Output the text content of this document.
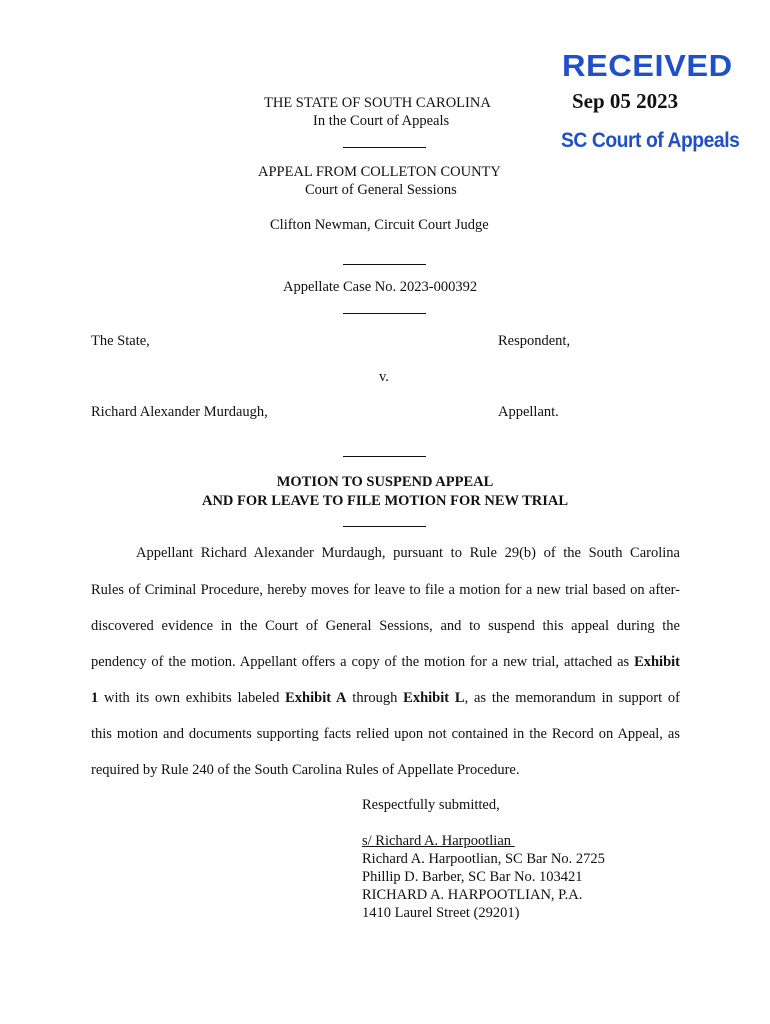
RECEIVED
Sep 05 2023
SC Court of Appeals
THE STATE OF SOUTH CAROLINA
In the Court of Appeals
APPEAL FROM COLLETON COUNTY
Court of General Sessions
Clifton Newman, Circuit Court Judge
Appellate Case No. 2023-000392
The State,	Respondent,
v.
Richard Alexander Murdaugh,	Appellant.
MOTION TO SUSPEND APPEAL
AND FOR LEAVE TO FILE MOTION FOR NEW TRIAL
Appellant Richard Alexander Murdaugh, pursuant to Rule 29(b) of the South Carolina
Rules of Criminal Procedure, hereby moves for leave to file a motion for a new trial based on after-
discovered evidence in the Court of General Sessions, and to suspend this appeal during the
pendency of the motion. Appellant offers a copy of the motion for a new trial, attached as Exhibit
1 with its own exhibits labeled Exhibit A through Exhibit L, as the memorandum in support of
this motion and documents supporting facts relied upon not contained in the Record on Appeal, as
required by Rule 240 of the South Carolina Rules of Appellate Procedure.
Respectfully submitted,
s/ Richard A. Harpootlian
Richard A. Harpootlian, SC Bar No. 2725
Phillip D. Barber, SC Bar No. 103421
RICHARD A. HARPOOTLIAN, P.A.
1410 Laurel Street (29201)
